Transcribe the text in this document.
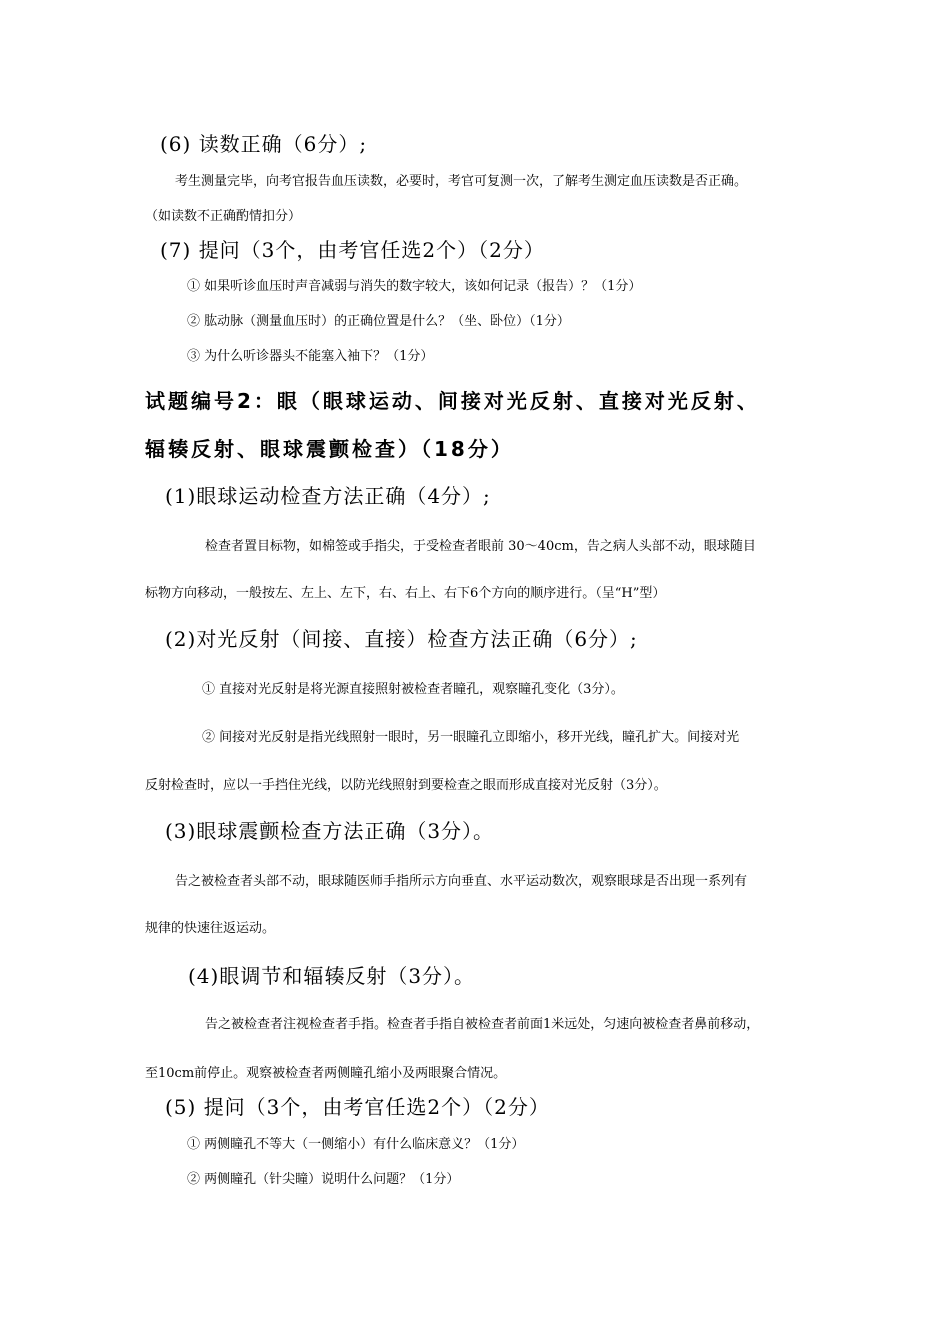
(6) 读数正确（6分）;
考生测量完毕，向考官报告血压读数，必要时，考官可复测一次，了解考生测定血压读数是否正确。
（如读数不正确酌情扣分）
(7) 提问（3个，由考官任选2个）（2分）
① 如果听诊血压时声音减弱与消失的数字较大，该如何记录（报告）？（1分）
② 肱动脉（测量血压时）的正确位置是什么？（坐、卧位）（1分）
③ 为什么听诊器头不能塞入袖下？（1分）
试题编号2：眼（眼球运动、间接对光反射、直接对光反射、
辐辏反射、眼球震颤检查）（18分）
(1)眼球运动检查方法正确（4分）;
检查者置目标物，如棉签或手指尖，于受检查者眼前 30～40cm，告之病人头部不动，眼球随目
标物方向移动，一般按左、左上、左下，右、右上、右下6个方向的顺序进行。（呈“H”型）
(2)对光反射（间接、直接）检查方法正确（6分）;
① 直接对光反射是将光源直接照射被检查者瞳孔，观察瞳孔变化（3分）。
② 间接对光反射是指光线照射一眼时，另一眼瞳孔立即缩小，移开光线，瞳孔扩大。间接对光
反射检查时，应以一手挡住光线，以防光线照射到要检查之眼而形成直接对光反射（3分）。
(3)眼球震颤检查方法正确（3分）。
告之被检查者头部不动，眼球随医师手指所示方向垂直、水平运动数次，观察眼球是否出现一系列有
规律的快速往返运动。
(4)眼调节和辐辏反射（3分）。
告之被检查者注视检查者手指。检查者手指自被检查者前面1米远处，匀速向被检查者鼻前移动，
至10cm前停止。观察被检查者两侧瞳孔缩小及两眼聚合情况。
(5) 提问（3个，由考官任选2个）（2分）
① 两侧瞳孔不等大（一侧缩小）有什么临床意义？（1分）
② 两侧瞳孔（针尖瞳）说明什么问题？（1分）
